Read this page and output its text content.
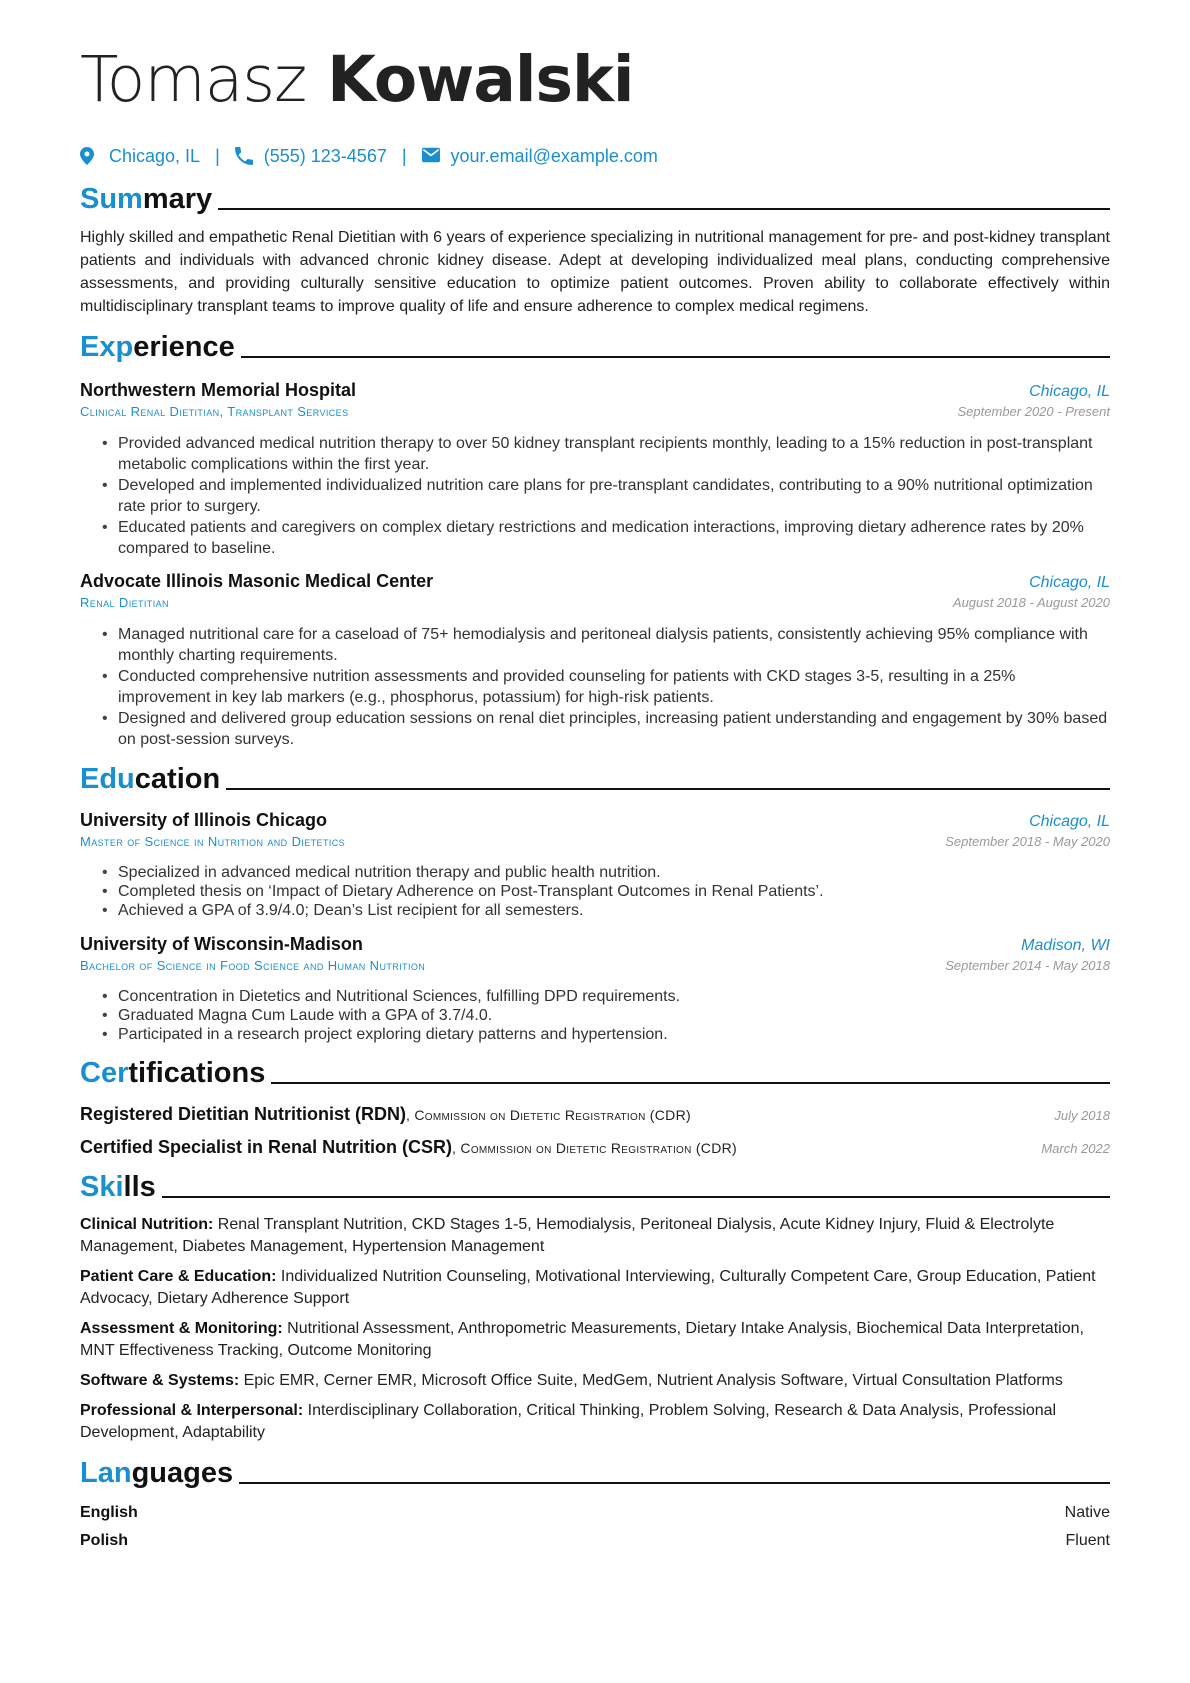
Tomasz Kowalski
Chicago, IL | (555) 123-4567 | your.email@example.com
Summary
Highly skilled and empathetic Renal Dietitian with 6 years of experience specializing in nutritional management for pre- and post-kidney transplant patients and individuals with advanced chronic kidney disease. Adept at developing individualized meal plans, conducting comprehensive assessments, and providing culturally sensitive education to optimize patient outcomes. Proven ability to collaborate effectively within multidisciplinary transplant teams to improve quality of life and ensure adherence to complex medical regimens.
Experience
Northwestern Memorial Hospital	Chicago, IL
Clinical Renal Dietitian, Transplant Services	September 2020 - Present
• Provided advanced medical nutrition therapy to over 50 kidney transplant recipients monthly, leading to a 15% reduction in post-transplant metabolic complications within the first year.
• Developed and implemented individualized nutrition care plans for pre-transplant candidates, contributing to a 90% nutritional optimization rate prior to surgery.
• Educated patients and caregivers on complex dietary restrictions and medication interactions, improving dietary adherence rates by 20% compared to baseline.
Advocate Illinois Masonic Medical Center	Chicago, IL
Renal Dietitian	August 2018 - August 2020
• Managed nutritional care for a caseload of 75+ hemodialysis and peritoneal dialysis patients, consistently achieving 95% compliance with monthly charting requirements.
• Conducted comprehensive nutrition assessments and provided counseling for patients with CKD stages 3-5, resulting in a 25% improvement in key lab markers (e.g., phosphorus, potassium) for high-risk patients.
• Designed and delivered group education sessions on renal diet principles, increasing patient understanding and engagement by 30% based on post-session surveys.
Education
University of Illinois Chicago	Chicago, IL
Master of Science in Nutrition and Dietetics	September 2018 - May 2020
• Specialized in advanced medical nutrition therapy and public health nutrition.
• Completed thesis on ‘Impact of Dietary Adherence on Post-Transplant Outcomes in Renal Patients’.
• Achieved a GPA of 3.9/4.0; Dean’s List recipient for all semesters.
University of Wisconsin-Madison	Madison, WI
Bachelor of Science in Food Science and Human Nutrition	September 2014 - May 2018
• Concentration in Dietetics and Nutritional Sciences, fulfilling DPD requirements.
• Graduated Magna Cum Laude with a GPA of 3.7/4.0.
• Participated in a research project exploring dietary patterns and hypertension.
Certifications
Registered Dietitian Nutritionist (RDN), Commission on Dietetic Registration (CDR)	July 2018
Certified Specialist in Renal Nutrition (CSR), Commission on Dietetic Registration (CDR)	March 2022
Skills
Clinical Nutrition: Renal Transplant Nutrition, CKD Stages 1-5, Hemodialysis, Peritoneal Dialysis, Acute Kidney Injury, Fluid & Electrolyte Management, Diabetes Management, Hypertension Management
Patient Care & Education: Individualized Nutrition Counseling, Motivational Interviewing, Culturally Competent Care, Group Education, Patient Advocacy, Dietary Adherence Support
Assessment & Monitoring: Nutritional Assessment, Anthropometric Measurements, Dietary Intake Analysis, Biochemical Data Interpretation, MNT Effectiveness Tracking, Outcome Monitoring
Software & Systems: Epic EMR, Cerner EMR, Microsoft Office Suite, MedGem, Nutrient Analysis Software, Virtual Consultation Platforms
Professional & Interpersonal: Interdisciplinary Collaboration, Critical Thinking, Problem Solving, Research & Data Analysis, Professional Development, Adaptability
Languages
English	Native
Polish	Fluent
